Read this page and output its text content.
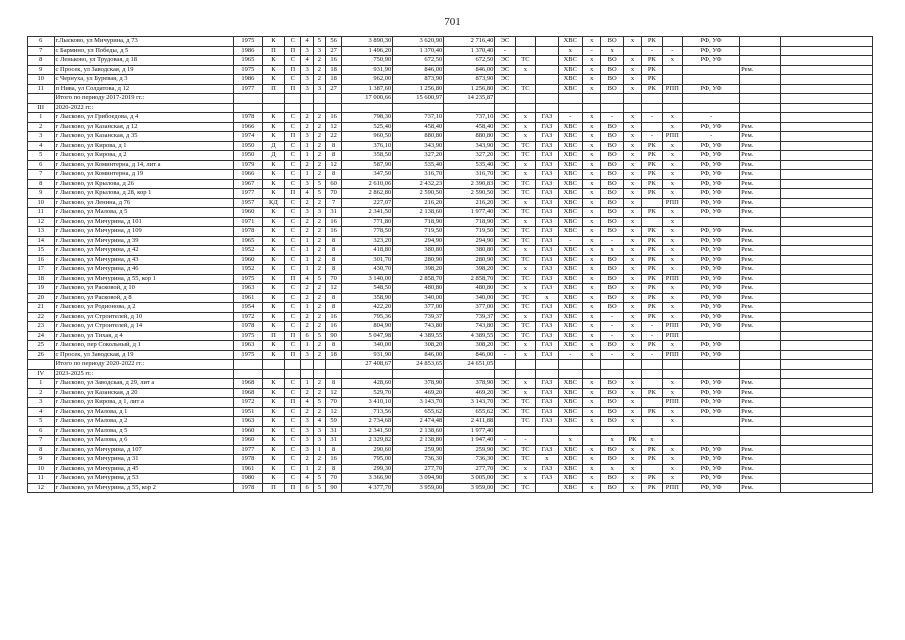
701
6	г.Лысково, ул Мичурина, д 73	1975	К	С	4	5	56	3 890,30	3 620,90	2 716,40	ЭС			ХВС	х	ВО	х	РК		РФ, УФ		
7	с Бармино, ул Победы, д 5	1986	П	П	3	3	27	1 496,20	1 370,40	1 370,40	-			х	-	х		-	-	РФ, УФ		
8	с Леньково, ул Трудовая, д 18	1965	К	С	4	2	16	750,90	672,50	672,50	ЭС	ТС		ХВС	х	ВО	х	РК	х	РФ, УФ		
9	с Просек, ул Заводская, д 19	1975	К	П	3	2	18	931,90	846,00	846,00	ЭС	х		ХВС	х	ВО	х	РК			Рем.	
10	с Чернуха, ул Буревая, д 3	1986	К	С	3	2	18	962,00	873,90	873,90	ЭС			ХВС	х	ВО	х	РК				
11	п Нива, ул Солдатова, д 12	1977	П	П	3	3	27	1 387,60	1 256,80	1 256,80	ЭС	ТС		ХВС	х	ВО	х	РК	РПП	РФ, УФ		
	Итого по периоду 2017-2019 гг.:							17 000,66	15 600,97	14 235,87												
III	2020-2022 гг.:																					
1	г Лысково, ул Грибоедова, д 4	1978	К	С	2	2	16	798,30	737,10	737,10	ЭС	х	ГАЗ	-	х	-	х	-	х	-		
2	г Лысково, ул Казанская, д 12	1966	К	С	2	2	12	525,40	458,40	458,40	ЭС	х	ГАЗ	ХВС	х	ВО	х		х	РФ, УФ	Рем.	
3	г Лысково, ул Казанская, д 35	1974	К	П	3	2	22	960,50	880,80	880,80	ЭС	х	ГАЗ	ХВС	х	ВО	х	-	РПП	-	Рем.	
4	г Лысково, ул Кирова, д 1	1950	Д	С	1	2	8	376,10	343,90	343,90	ЭС	ТС	ГАЗ	ХВС	х	ВО	х	РК	х	РФ, УФ	Рем.	
5	г Лысково, ул Кирова, д 2	1950	Д	С	1	2	8	358,50	327,20	327,20	ЭС	ТС	ГАЗ	ХВС	х	ВО	х	РК	х	РФ, УФ	Рем.	
6	г Лысково, ул Коминтерна, д 14, лит а	1979	К	С	2	2	12	587,90	535,40	535,40	ЭС	х	ГАЗ	ХВС	х	ВО	х	РК	х	РФ, УФ	Рем.	
7	г Лысково, ул Коминтерна, д 19	1966	К	С	1	2	8	347,50	316,70	316,70	ЭС	х	ГАЗ	ХВС	х	ВО	х	РК	х	РФ, УФ	Рем.	
8	г Лысково, ул Крылова, д 26	1967	К	С	3	5	60	2 610,06	2 432,23	2 390,83	ЭС	ТС	ГАЗ	ХВС	х	ВО	х	РК	х	РФ, УФ	Рем.	
9	г Лысково, ул Крылова, д 28, кор 1	1977	К	П	4	5	70	2 862,80	2 590,50	2 590,50	ЭС	ТС	ГАЗ	ХВС	х	ВО	х	РК	х	РФ, УФ	Рем.	
10	г Лысково, ул Ленина, д 76	1957	КД	С	2	2	7	227,07	216,20	216,20	ЭС	х	ГАЗ	ХВС	х	ВО	х		РПП	РФ, УФ	Рем.	
11	г Лысково, ул Малова, д 5	1960	К	С	3	3	31	2 341,50	2 138,60	1 977,40	ЭС	ТС	ГАЗ	ХВС	х	ВО	х	РК	х	РФ, УФ	Рем.	
12	г Лысково, ул Мичурина, д 101	1971	К	С	2	2	16	771,80	718,90	718,90	ЭС	х	ГАЗ	ХВС	х	ВО	х		х			
13	г Лысково, ул Мичурина, д 109	1978	К	С	2	2	16	778,50	719,50	719,50	ЭС	ТС	ГАЗ	ХВС	х	ВО	х	РК	х	РФ, УФ	Рем.	
14	г Лысково, ул Мичурина, д 39	1965	К	С	1	2	8	323,20	294,90	294,90	ЭС	ТС	ГАЗ	-	х	-	х	РК	х	РФ, УФ	Рем.	
15	г Лысково, ул Мичурина, д 42	1952	К	С	1	2	8	418,80	380,80	380,80	ЭС	х	ГАЗ	ХВС	х	х	х	РК	х	РФ, УФ	Рем.	
16	г Лысково, ул Мичурина, д 43	1960	К	С	1	2	8	301,70	280,90	280,90	ЭС	ТС	ГАЗ	ХВС	х	ВО	х	РК	х	РФ, УФ	Рем.	
17	г Лысково, ул Мичурина, д 46	1952	К	С	1	2	8	430,70	398,20	398,20	ЭС	х	ГАЗ	ХВС	х	ВО	х	РК	х	РФ, УФ	Рем.	
18	г Лысково, ул Мичурина, д 55, кор 1	1975	К	П	4	5	70	3 140,00	2 858,70	2 858,70	ЭС	ТС	ГАЗ	ХВС	х	ВО	х	РК	РПП	РФ, УФ	Рем.	
19	г Лысково, ул Расковой, д 10	1963	К	С	2	2	12	548,50	480,80	480,80	ЭС	х	ГАЗ	ХВС	х	ВО	х	РК	х	РФ, УФ	Рем.	
20	г Лысково, ул Расковой, д 8	1961	К	С	2	2	8	358,90	340,00	340,00	ЭС	ТС	х	ХВС	х	ВО	х	РК	х	РФ, УФ	Рем.	
21	г Лысково, ул Родионова, д 2	1954	К	С	1	2	8	422,20	377,00	377,00	ЭС	ТС	ГАЗ	ХВС	х	ВО	х	РК	х	РФ, УФ	Рем.	
22	г Лысково, ул Строителей, д 10	1972	К	С	2	2	16	795,36	739,37	739,37	ЭС	х	ГАЗ	ХВС	х	-	х	РК	х	РФ, УФ	Рем.	
23	г Лысково, ул Строителей, д 14	1978	К	С	2	2	16	804,90	743,80	743,80	ЭС	ТС	ГАЗ	ХВС	х	-	х	-	РПП	РФ, УФ	Рем.	
24	г Лысково, ул Тихая, д 4	1975	П	П	6	5	90	5 047,98	4 389,55	4 389,55	ЭС	ТС	ГАЗ	ХВС	х	-	х	-	РПП			
25	г Лысково, пер Сокольный, д 1	1963	К	С	1	2	8	340,00	308,20	308,20	ЭС	х	ГАЗ	ХВС	х	ВО	х	РК	х	РФ, УФ		
26	с Просек, ул Заводская, д 19	1975	К	П	3	2	18	931,90	846,00	846,00	-	х	ГАЗ	-	х	-	х	-	РПП	РФ, УФ		
	Итого по периоду 2020-2022 гг.:							27 408,67	24 853,65	24 651,05												
IV	2023-2025 гг.:																					
1	г Лысково, ул Заводская, д 29, лит а	1968	К	С	1	2	8	428,60	378,90	378,90	ЭС	х	ГАЗ	ХВС	х	ВО	х		х	РФ, УФ	Рем.	
2	г Лысково, ул Казанская, д 20	1968	К	С	2	2	12	529,70	469,20	469,20	ЭС	х	ГАЗ	ХВС	х	ВО	х	РК	х	РФ, УФ	Рем.	
3	г Лысково, ул Кирова, д 1, лит а	1972	К	П	4	5	70	3 410,10	3 143,70	3 143,70	ЭС	ТС	ГАЗ	ХВС	х	ВО	х		РПП	РФ, УФ	Рем.	
4	г Лысково, ул Малова, д 1	1951	К	С	2	2	12	713,56	655,62	655,62	ЭС	ТС	ГАЗ	ХВС	х	ВО	х	РК	х	РФ, УФ	Рем.	
5	г Лысково, ул Малова, д 2	1963	К	С	3	4	59	2 734,68	2 474,48	2 411,88		ТС	ГАЗ	ХВС	х	ВО	х		х		Рем.	
6	г Лысково, ул Малова, д 5	1960	К	С	3	3	31	2 341,50	2 138,60	1 977,40												
7	г Лысково, ул Малова, д 6	1960	К	С	3	3	31	2 329,82	2 138,80	1 947,40	-	-		х		х	РК	х				
8	г Лысково, ул Мичурина, д 107	1977	К	С	3	1	8	290,60	259,90	259,90	ЭС	ТС	ГАЗ	ХВС	х	ВО	х	РК	х	РФ, УФ	Рем.	
9	г Лысково, ул Мичурина, д 31	1978	К	С	2	2	16	795,00	736,30	736,30	ЭС	ТС	х	ХВС	х	ВО	х	РК	х	РФ, УФ	Рем.	
10	г Лысково, ул Мичурина, д 45	1961	К	С	1	2	8	299,30	277,70	277,70	ЭС	х	ГАЗ	ХВС	х	х	х		х	РФ, УФ	Рем.	
11	г Лысково, ул Мичурина, д 53	1980	К	С	4	5	70	3 366,90	3 094,90	3 005,00	ЭС	х	ГАЗ	ХВС	х	ВО	х	РК	х	РФ, УФ	Рем.	
12	г Лысково, ул Мичурина, д 55, кор 2	1978	П	П	6	5	90	4 377,70	3 959,00	3 959,00	ЭС	ТС		ХВС	х	ВО	х	РК	РПП	РФ, УФ	Рем.	
